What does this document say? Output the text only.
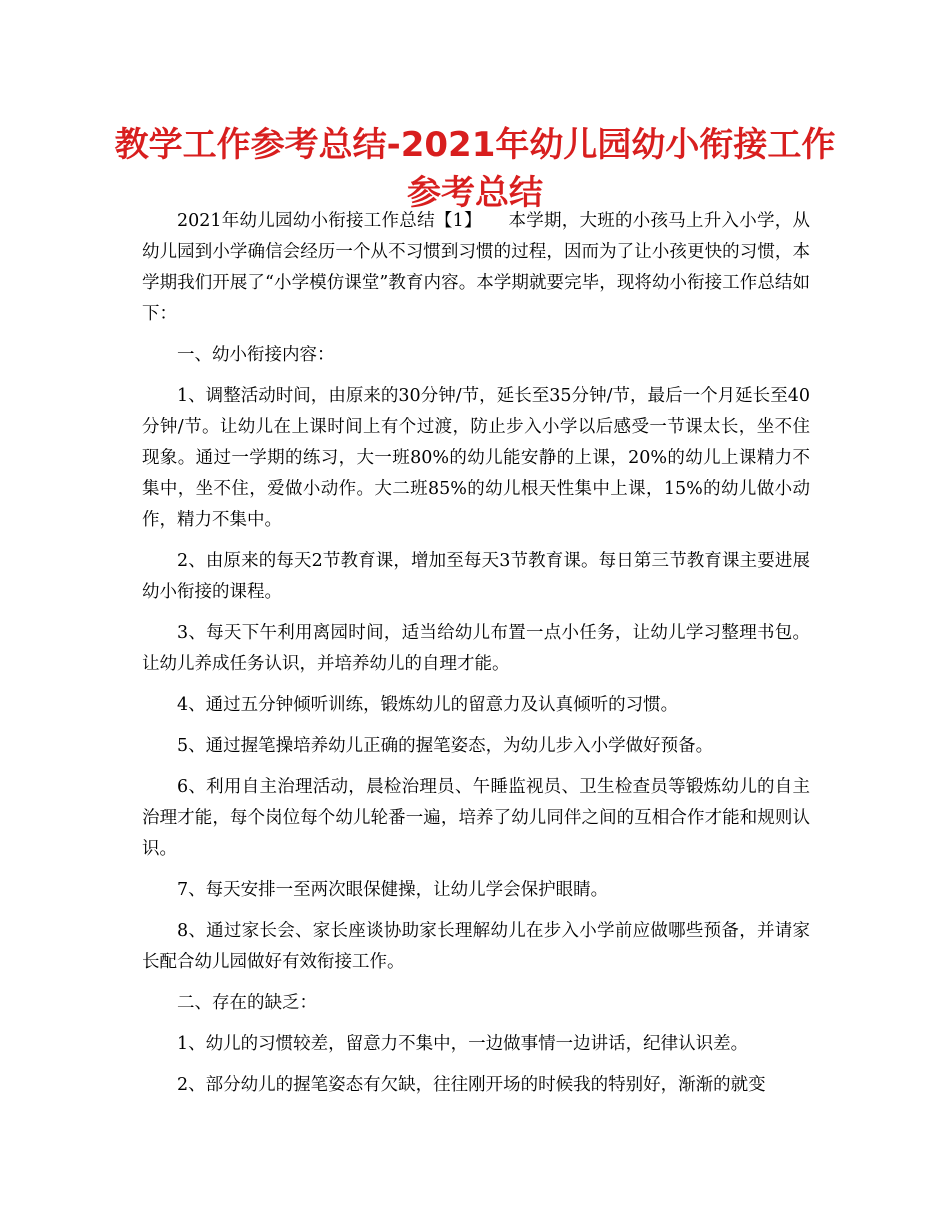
教学工作参考总结-2021年幼儿园幼小衔接工作
参考总结

2021年幼儿园幼小衔接工作总结【1】　　本学期，大班的小孩马上升入小学，从幼儿园到小学确信会经历一个从不习惯到习惯的过程，因而为了让小孩更快的习惯，本学期我们开展了“小学模仿课堂”教育内容。本学期就要完毕，现将幼小衔接工作总结如下：

一、幼小衔接内容：

1、调整活动时间，由原来的30分钟/节，延长至35分钟/节，最后一个月延长至40分钟/节。让幼儿在上课时间上有个过渡，防止步入小学以后感受一节课太长，坐不住现象。通过一学期的练习，大一班80%的幼儿能安静的上课，20%的幼儿上课精力不集中，坐不住，爱做小动作。大二班85%的幼儿根天性集中上课，15%的幼儿做小动作，精力不集中。

2、由原来的每天2节教育课，增加至每天3节教育课。每日第三节教育课主要进展幼小衔接的课程。

3、每天下午利用离园时间，适当给幼儿布置一点小任务，让幼儿学习整理书包。让幼儿养成任务认识，并培养幼儿的自理才能。

4、通过五分钟倾听训练，锻炼幼儿的留意力及认真倾听的习惯。

5、通过握笔操培养幼儿正确的握笔姿态，为幼儿步入小学做好预备。

6、利用自主治理活动，晨检治理员、午睡监视员、卫生检查员等锻炼幼儿的自主治理才能，每个岗位每个幼儿轮番一遍，培养了幼儿同伴之间的互相合作才能和规则认识。

7、每天安排一至两次眼保健操，让幼儿学会保护眼睛。

8、通过家长会、家长座谈协助家长理解幼儿在步入小学前应做哪些预备，并请家长配合幼儿园做好有效衔接工作。

二、存在的缺乏：

1、幼儿的习惯较差，留意力不集中，一边做事情一边讲话，纪律认识差。

2、部分幼儿的握笔姿态有欠缺，往往刚开场的时候我的特别好，渐渐的就变
